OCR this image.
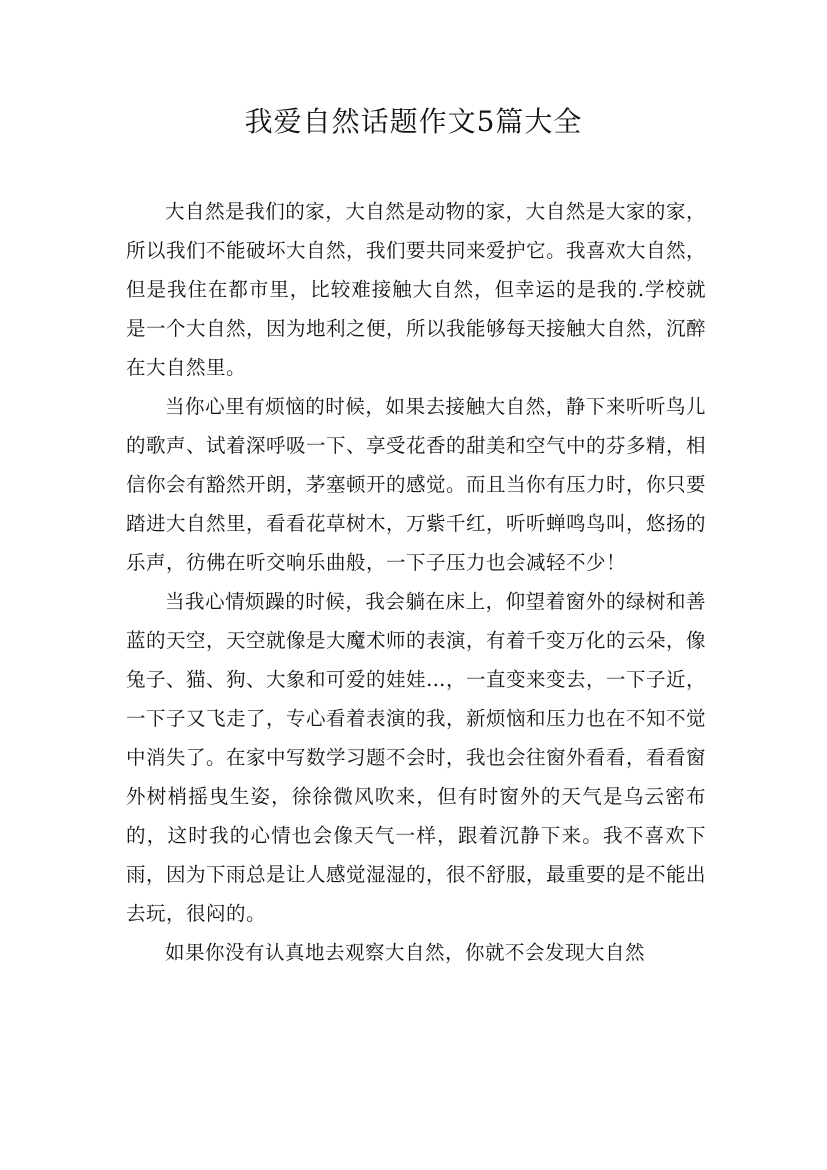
我爱自然话题作文5篇大全

大自然是我们的家，大自然是动物的家，大自然是大家的家，所以我们不能破坏大自然，我们要共同来爱护它。我喜欢大自然，但是我住在都市里，比较难接触大自然，但幸运的是我的.学校就是一个大自然，因为地利之便，所以我能够每天接触大自然，沉醉在大自然里。

当你心里有烦恼的时候，如果去接触大自然，静下来听听鸟儿的歌声、试着深呼吸一下、享受花香的甜美和空气中的芬多精，相信你会有豁然开朗，茅塞顿开的感觉。而且当你有压力时，你只要踏进大自然里，看看花草树木，万紫千红，听听蝉鸣鸟叫，悠扬的乐声，彷佛在听交响乐曲般，一下子压力也会减轻不少！

当我心情烦躁的时候，我会躺在床上，仰望着窗外的绿树和善蓝的天空，天空就像是大魔术师的表演，有着千变万化的云朵，像兔子、猫、狗、大象和可爱的娃娃…，一直变来变去，一下子近，一下子又飞走了，专心看着表演的我，新烦恼和压力也在不知不觉中消失了。在家中写数学习题不会时，我也会往窗外看看，看看窗外树梢摇曳生姿，徐徐微风吹来，但有时窗外的天气是乌云密布的，这时我的心情也会像天气一样，跟着沉静下来。我不喜欢下雨，因为下雨总是让人感觉湿湿的，很不舒服，最重要的是不能出去玩，很闷的。

如果你没有认真地去观察大自然，你就不会发现大自然
